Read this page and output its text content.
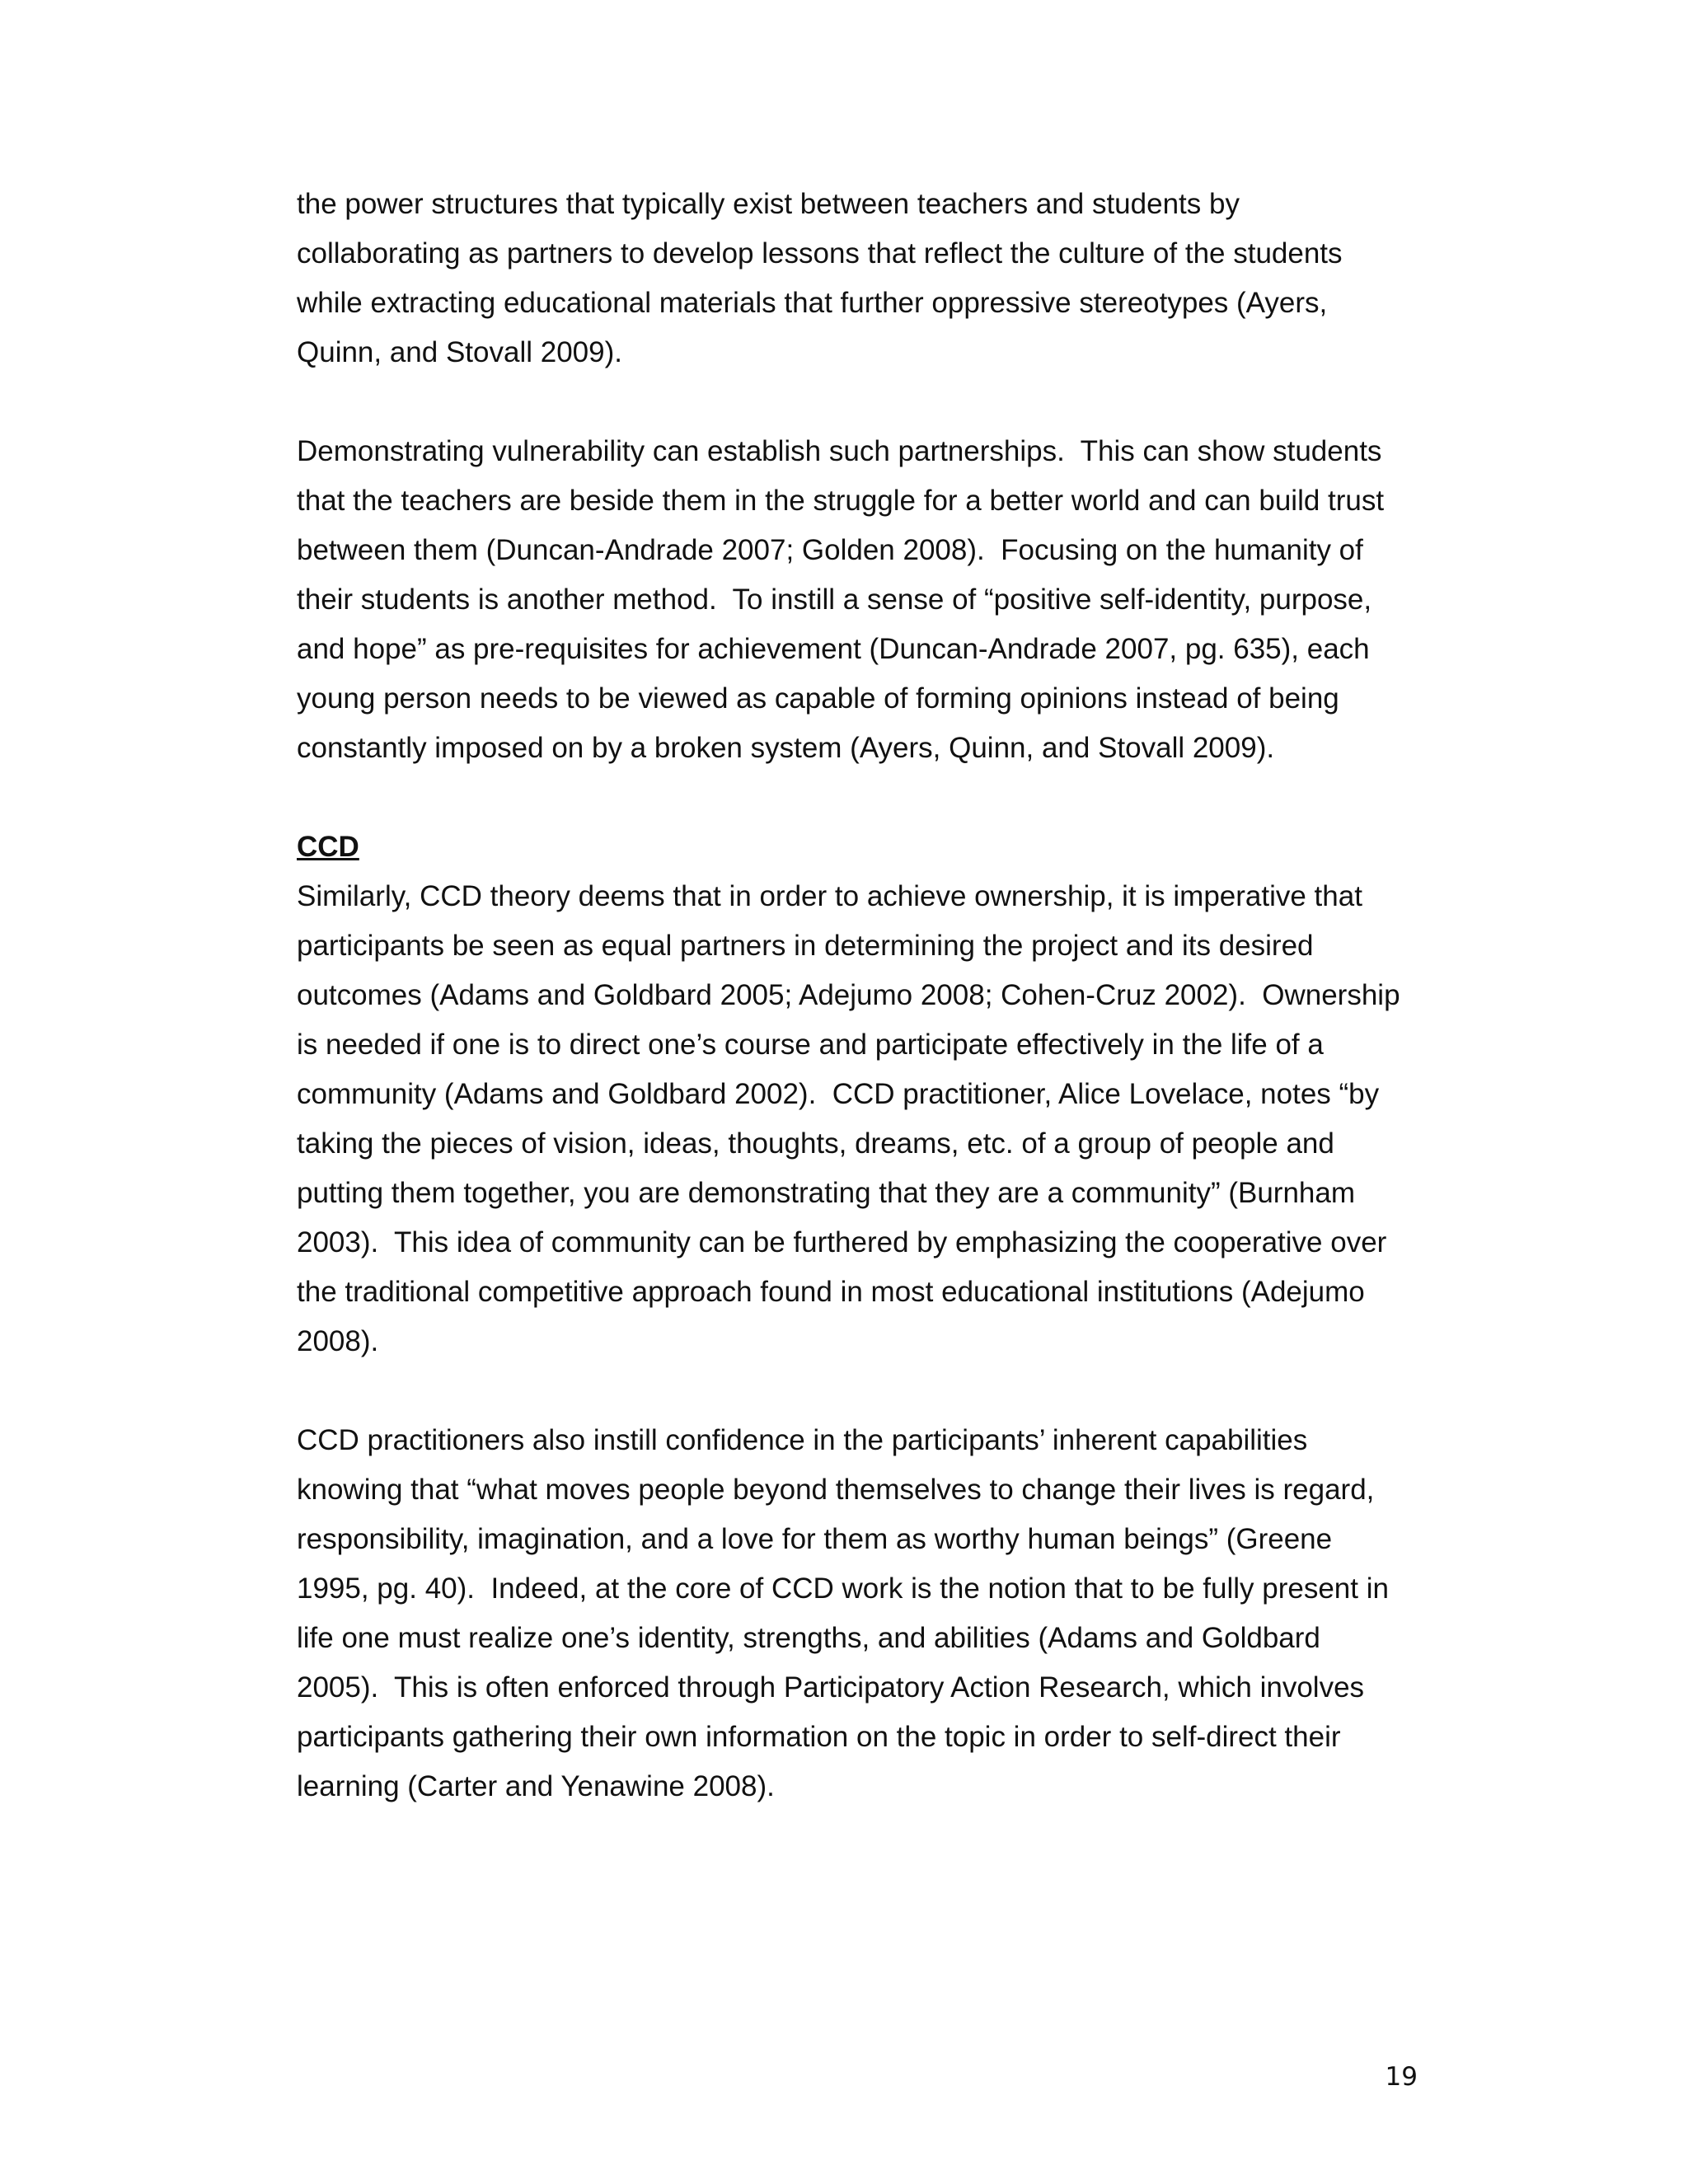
the power structures that typically exist between teachers and students by
collaborating as partners to develop lessons that reflect the culture of the students
while extracting educational materials that further oppressive stereotypes (Ayers,
Quinn, and Stovall 2009).

Demonstrating vulnerability can establish such partnerships.  This can show students
that the teachers are beside them in the struggle for a better world and can build trust
between them (Duncan-Andrade 2007; Golden 2008).  Focusing on the humanity of
their students is another method.  To instill a sense of “positive self-identity, purpose,
and hope” as pre-requisites for achievement (Duncan-Andrade 2007, pg. 635), each
young person needs to be viewed as capable of forming opinions instead of being
constantly imposed on by a broken system (Ayers, Quinn, and Stovall 2009).

CCD
Similarly, CCD theory deems that in order to achieve ownership, it is imperative that
participants be seen as equal partners in determining the project and its desired
outcomes (Adams and Goldbard 2005; Adejumo 2008; Cohen-Cruz 2002).  Ownership
is needed if one is to direct one’s course and participate effectively in the life of a
community (Adams and Goldbard 2002).  CCD practitioner, Alice Lovelace, notes “by
taking the pieces of vision, ideas, thoughts, dreams, etc. of a group of people and
putting them together, you are demonstrating that they are a community” (Burnham
2003).  This idea of community can be furthered by emphasizing the cooperative over
the traditional competitive approach found in most educational institutions (Adejumo
2008).

CCD practitioners also instill confidence in the participants’ inherent capabilities
knowing that “what moves people beyond themselves to change their lives is regard,
responsibility, imagination, and a love for them as worthy human beings” (Greene
1995, pg. 40).  Indeed, at the core of CCD work is the notion that to be fully present in
life one must realize one’s identity, strengths, and abilities (Adams and Goldbard
2005).  This is often enforced through Participatory Action Research, which involves
participants gathering their own information on the topic in order to self-direct their
learning (Carter and Yenawine 2008).

19
